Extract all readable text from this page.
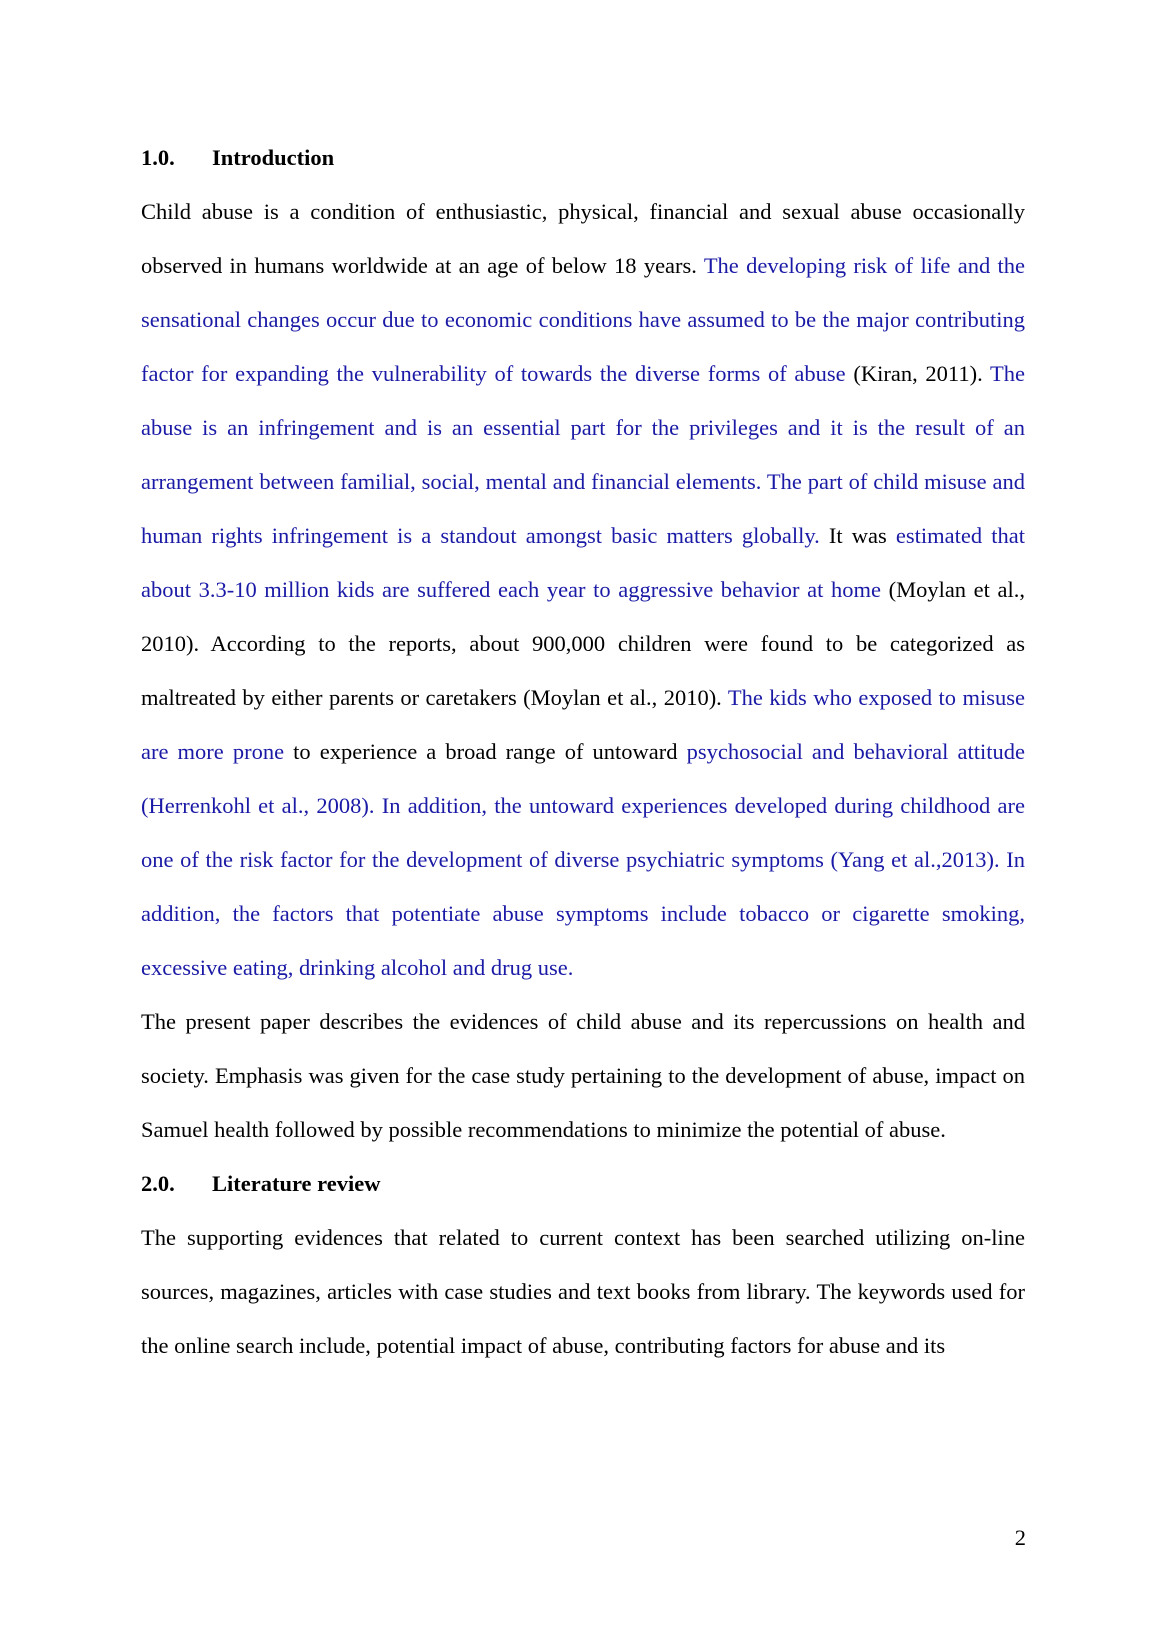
1.0. Introduction

Child abuse is a condition of enthusiastic, physical, financial and sexual abuse occasionally observed in humans worldwide at an age of below 18 years. The developing risk of life and the sensational changes occur due to economic conditions have assumed to be the major contributing factor for expanding the vulnerability of towards the diverse forms of abuse (Kiran, 2011). The abuse is an infringement and is an essential part for the privileges and it is the result of an arrangement between familial, social, mental and financial elements. The part of child misuse and human rights infringement is a standout amongst basic matters globally. It was estimated that about 3.3-10 million kids are suffered each year to aggressive behavior at home (Moylan et al., 2010). According to the reports, about 900,000 children were found to be categorized as maltreated by either parents or caretakers (Moylan et al., 2010). The kids who exposed to misuse are more prone to experience a broad range of untoward psychosocial and behavioral attitude (Herrenkohl et al., 2008). In addition, the untoward experiences developed during childhood are one of the risk factor for the development of diverse psychiatric symptoms (Yang et al.,2013). In addition, the factors that potentiate abuse symptoms include tobacco or cigarette smoking, excessive eating, drinking alcohol and drug use.

The present paper describes the evidences of child abuse and its repercussions on health and society. Emphasis was given for the case study pertaining to the development of abuse, impact on Samuel health followed by possible recommendations to minimize the potential of abuse.

2.0. Literature review

The supporting evidences that related to current context has been searched utilizing on-line sources, magazines, articles with case studies and text books from library. The keywords used for the online search include, potential impact of abuse, contributing factors for abuse and its

2
